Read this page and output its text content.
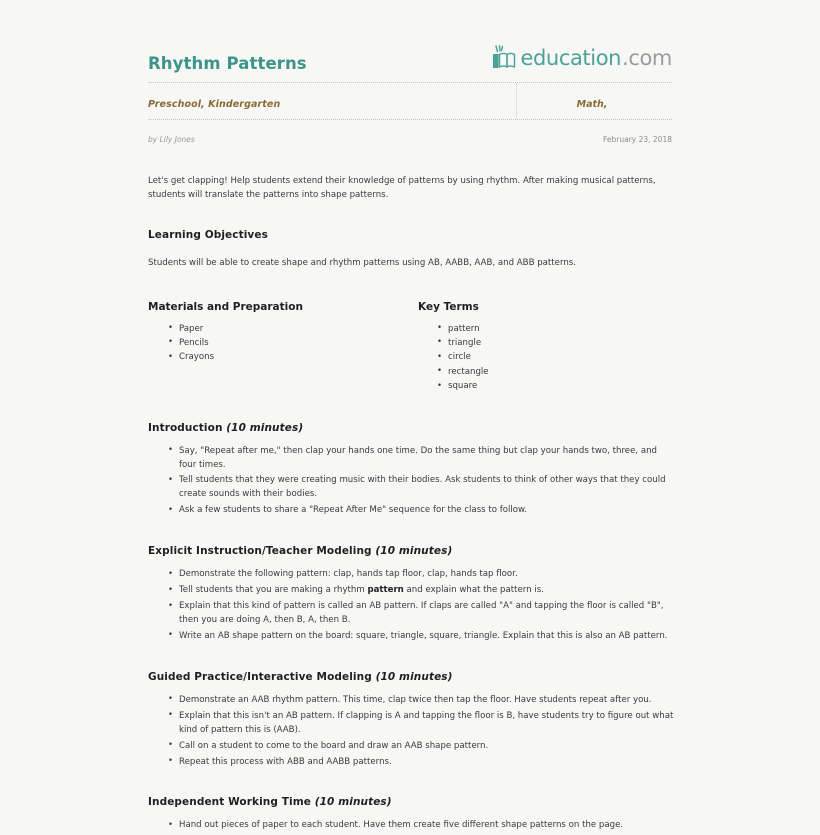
Rhythm Patterns	education .com
Preschool, Kindergarten	Math,
by Lily Jones	February 23, 2018

Let's get clapping! Help students extend their knowledge of patterns by using rhythm. After making musical patterns, students will translate the patterns into shape patterns.

Learning Objectives

Students will be able to create shape and rhythm patterns using AB, AABB, AAB, and ABB patterns.

Materials and Preparation
• Paper
• Pencils
• Crayons
Key Terms
• pattern
• triangle
• circle
• rectangle
• square
Introduction (10 minutes)
• Say, "Repeat after me," then clap your hands one time. Do the same thing but clap your hands two, three, and four times.
• Tell students that they were creating music with their bodies. Ask students to think of other ways that they could create sounds with their bodies.
• Ask a few students to share a "Repeat After Me" sequence for the class to follow.
Explicit Instruction/Teacher Modeling (10 minutes)
• Demonstrate the following pattern: clap, hands tap floor, clap, hands tap floor.
• Tell students that you are making a rhythm pattern and explain what the pattern is.
• Explain that this kind of pattern is called an AB pattern. If claps are called "A" and tapping the floor is called "B", then you are doing A, then B, A, then B.
• Write an AB shape pattern on the board: square, triangle, square, triangle. Explain that this is also an AB pattern.
Guided Practice/Interactive Modeling (10 minutes)
• Demonstrate an AAB rhythm pattern. This time, clap twice then tap the floor. Have students repeat after you.
• Explain that this isn't an AB pattern. If clapping is A and tapping the floor is B, have students try to figure out what kind of pattern this is (AAB).
• Call on a student to come to the board and draw an AAB shape pattern.
• Repeat this process with ABB and AABB patterns.
Independent Working Time (10 minutes)
• Hand out pieces of paper to each student. Have them create five different shape patterns on the page.
